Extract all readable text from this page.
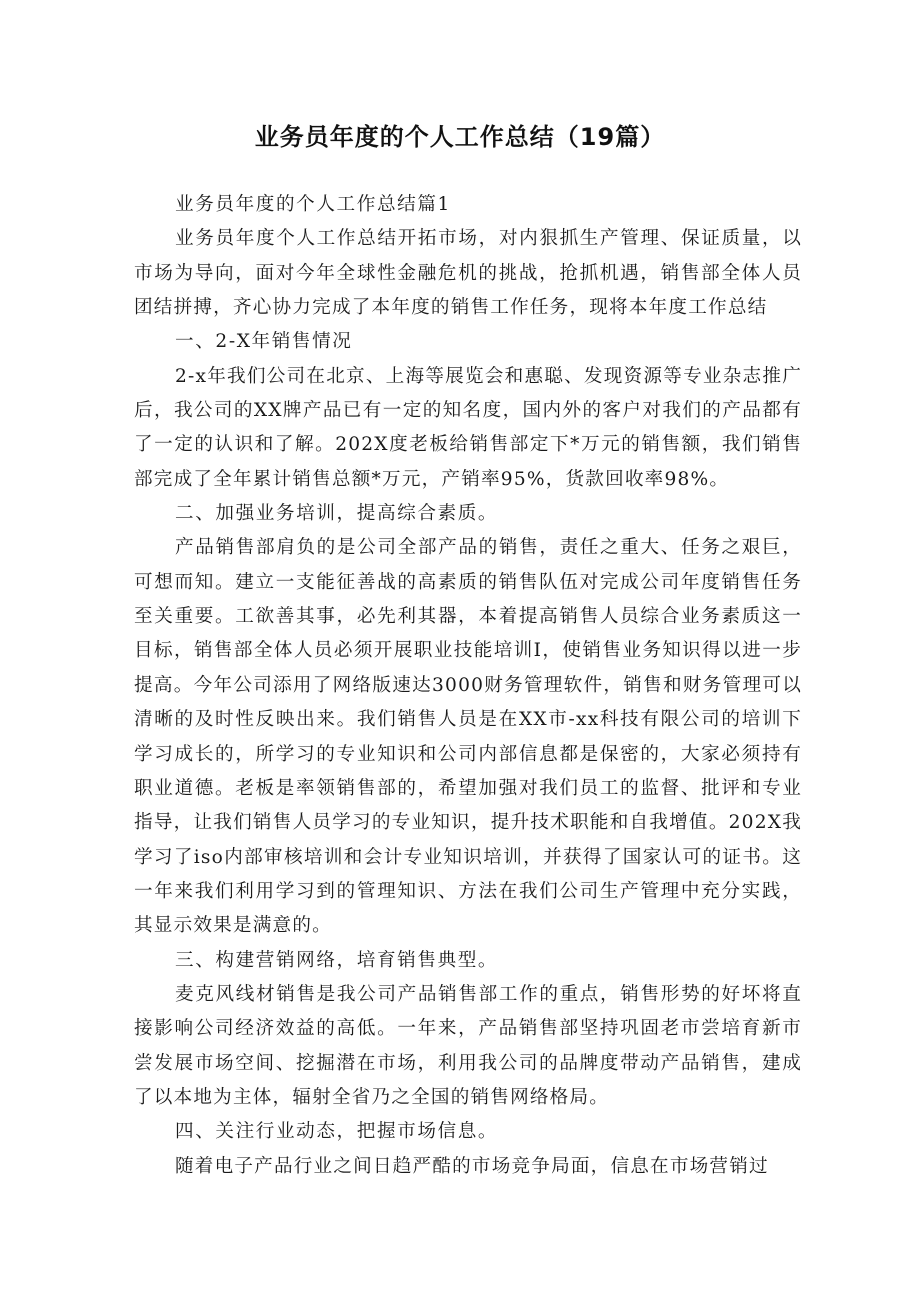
业务员年度的个人工作总结（19篇）

业务员年度的个人工作总结篇1

业务员年度个人工作总结开拓市场，对内狠抓生产管理、保证质量，以市场为导向，面对今年全球性金融危机的挑战，抢抓机遇，销售部全体人员团结拼搏，齐心协力完成了本年度的销售工作任务，现将本年度工作总结

一、2-X年销售情况

2-x年我们公司在北京、上海等展览会和惠聪、发现资源等专业杂志推广后，我公司的XX牌产品已有一定的知名度，国内外的客户对我们的产品都有了一定的认识和了解。202X度老板给销售部定下*万元的销售额，我们销售部完成了全年累计销售总额*万元，产销率95%，货款回收率98%。

二、加强业务培训，提高综合素质。

产品销售部肩负的是公司全部产品的销售，责任之重大、任务之艰巨，可想而知。建立一支能征善战的高素质的销售队伍对完成公司年度销售任务至关重要。工欲善其事，必先利其器，本着提高销售人员综合业务素质这一目标，销售部全体人员必须开展职业技能培训I，使销售业务知识得以进一步提高。今年公司添用了网络版速达3000财务管理软件，销售和财务管理可以清晰的及时性反映出来。我们销售人员是在XX市-xx科技有限公司的培训下学习成长的，所学习的专业知识和公司内部信息都是保密的，大家必须持有职业道德。老板是率领销售部的，希望加强对我们员工的监督、批评和专业指导，让我们销售人员学习的专业知识，提升技术职能和自我增值。202X我学习了iso内部审核培训和会计专业知识培训，并获得了国家认可的证书。这一年来我们利用学习到的管理知识、方法在我们公司生产管理中充分实践，其显示效果是满意的。

三、构建营销网络，培育销售典型。

麦克风线材销售是我公司产品销售部工作的重点，销售形势的好坏将直接影响公司经济效益的高低。一年来，产品销售部坚持巩固老市尝培育新市尝发展市场空间、挖掘潜在市场，利用我公司的品牌度带动产品销售，建成了以本地为主体，辐射全省乃之全国的销售网络格局。

四、关注行业动态，把握市场信息。

随着电子产品行业之间日趋严酷的市场竞争局面，信息在市场营销过
